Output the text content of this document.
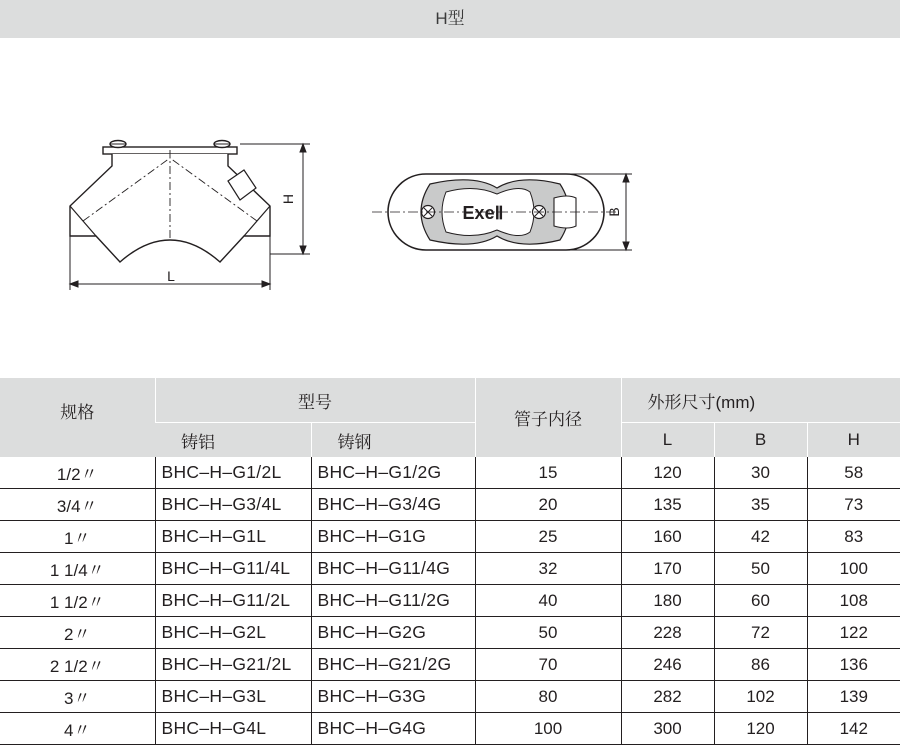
H型
H
L
ExeⅡ	B
规格	型号		管子内径	外形尺寸(mm)		
	铸铝	铸钢		L	B	H
1/2〃	BHC–H–G1/2L	BHC–H–G1/2G	15	120	30	58
3/4〃	BHC–H–G3/4L	BHC–H–G3/4G	20	135	35	73
1〃	BHC–H–G1L	BHC–H–G1G	25	160	42	83
1 1/4〃	BHC–H–G11/4L	BHC–H–G11/4G	32	170	50	100
1 1/2〃	BHC–H–G11/2L	BHC–H–G11/2G	40	180	60	108
2〃	BHC–H–G2L	BHC–H–G2G	50	228	72	122
2 1/2〃	BHC–H–G21/2L	BHC–H–G21/2G	70	246	86	136
3〃	BHC–H–G3L	BHC–H–G3G	80	282	102	139
4〃	BHC–H–G4L	BHC–H–G4G	100	300	120	142
